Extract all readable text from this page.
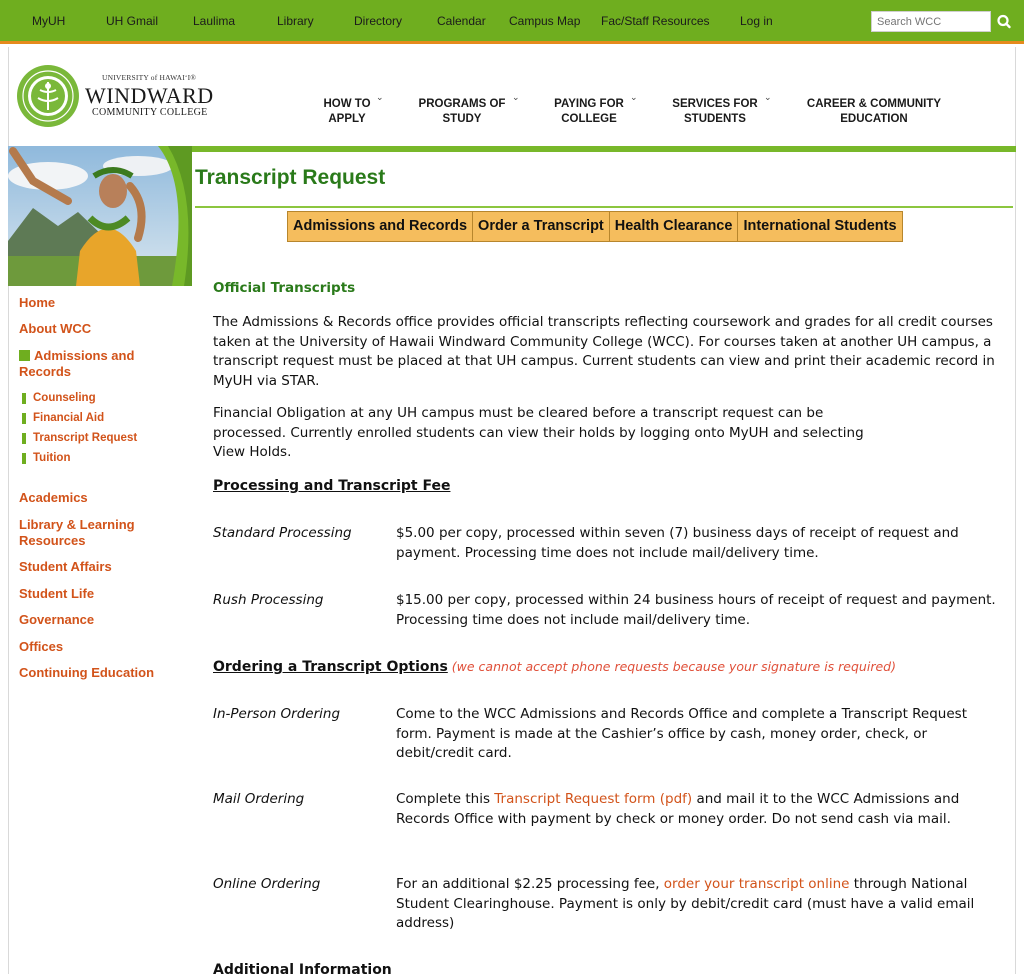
MyUH	UH Gmail	Laulima	Library	Directory	Calendar Campus Map Fac/Staff Resources	Log in
Search WCC
UNIVERSITY of HAWAIʻI®
WINDWARD
COMMUNITY COLLEGE

HOW TO
APPLY

⌄

PROGRAMS OF
STUDY

⌄

PAYING FOR
COLLEGE

⌄

SERVICES FOR
STUDENTS

⌄

CAREER & COMMUNITY
EDUCATION

Transcript Request
Admissions and Records Order a Transcript Health Clearance International Students
Home
About WCC
Admissions and Records
Counseling
Financial Aid
Transcript Request
Tuition
Academics
Library & Learning Resources
Student Affairs
Student Life
Governance
Offices
Continuing Education
Official Transcripts
The Admissions & Records office provides official transcripts reflecting coursework and grades for all credit courses taken at the University of Hawaii Windward Community College (WCC). For courses taken at another UH campus, a transcript request must be placed at that UH campus. Current students can view and print their academic record in MyUH via STAR.
Financial Obligation at any UH campus must be cleared before a transcript request can be processed. Currently enrolled students can view their holds by logging onto MyUH and selecting View Holds.
Processing and Transcript Fee
Standard Processing	$5.00 per copy, processed within seven (7) business days of receipt of request and payment. Processing time does not include mail/delivery time.
Rush Processing	$15.00 per copy, processed within 24 business hours of receipt of request and payment. Processing time does not include mail/delivery time.
Ordering a Transcript Options (we cannot accept phone requests because your signature is required)
In-Person Ordering	Come to the WCC Admissions and Records Office and complete a Transcript Request form. Payment is made at the Cashier’s office by cash, money order, check, or debit/credit card.
Mail Ordering	Complete this Transcript Request form (pdf) and mail it to the WCC Admissions and Records Office with payment by check or money order. Do not send cash via mail.
Online Ordering	For an additional $2.25 processing fee, order your transcript online through National Student Clearinghouse. Payment is only by debit/credit card (must have a valid email address)
Additional Information
